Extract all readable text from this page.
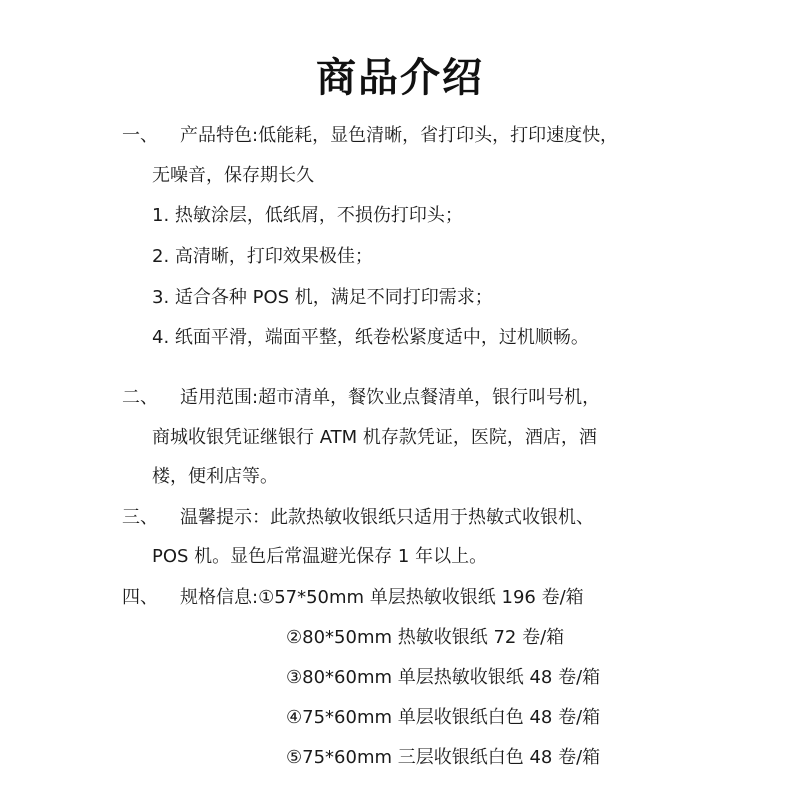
商品介绍
一、 产品特色:低能耗，显色清晰，省打印头，打印速度快，
无噪音，保存期长久
1. 热敏涂层，低纸屑，不损伤打印头；
2. 高清晰，打印效果极佳；
3. 适合各种 POS 机，满足不同打印需求；
4. 纸面平滑，端面平整，纸卷松紧度适中，过机顺畅。
二、 适用范围:超市清单，餐饮业点餐清单，银行叫号机，
商城收银凭证继银行 ATM 机存款凭证，医院，酒店，酒
楼，便利店等。
三、 温馨提示：此款热敏收银纸只适用于热敏式收银机、
POS 机。显色后常温避光保存 1 年以上。
四、 规格信息:①57*50mm 单层热敏收银纸 196 卷/箱
②80*50mm 热敏收银纸 72 卷/箱
③80*60mm 单层热敏收银纸 48 卷/箱
④75*60mm 单层收银纸白色 48 卷/箱
⑤75*60mm 三层收银纸白色 48 卷/箱
